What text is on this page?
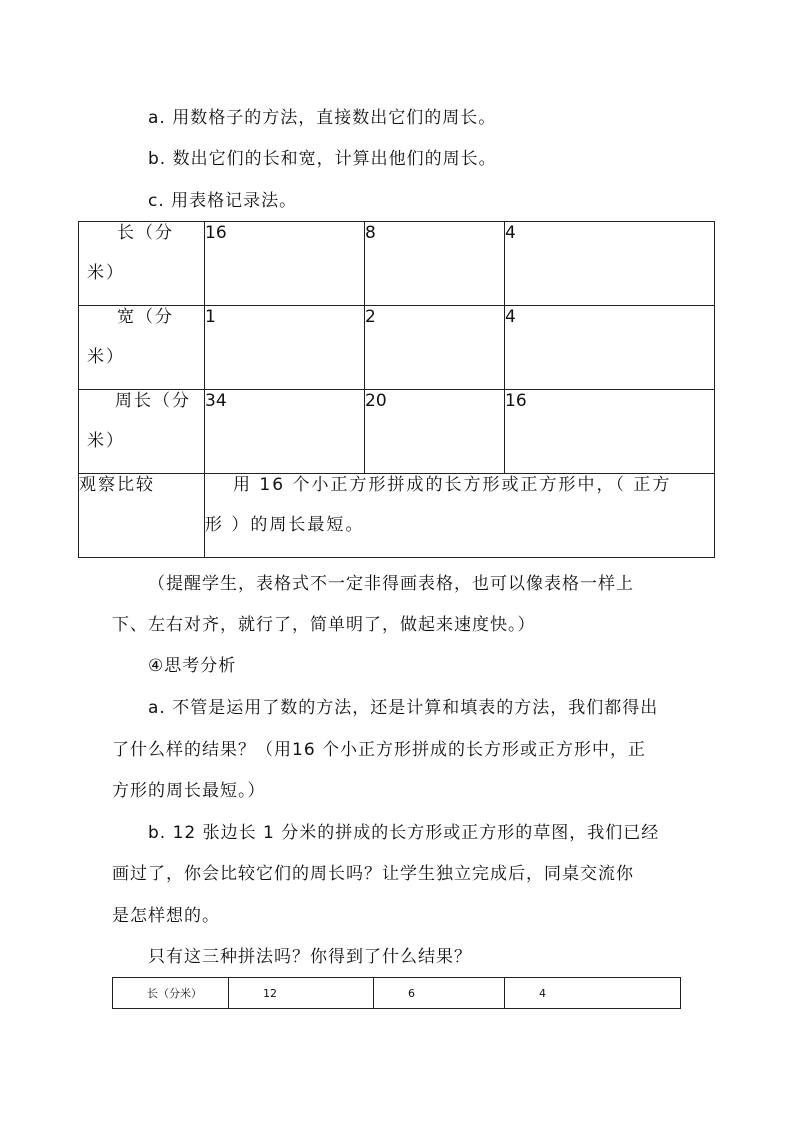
a. 用数格子的方法，直接数出它们的周长。
b. 数出它们的长和宽，计算出他们的周长。
c. 用表格记录法。
长（分
米）	16	8	4

宽（分
米）	1	2	4

周长（分
米）	34	20	16
观察比较	用 16 个小正方形拼成的长方形或正方形中，（ 正方
形 ）的周长最短。		
（提醒学生，表格式不一定非得画表格，也可以像表格一样上
下、左右对齐，就行了，简单明了，做起来速度快。）
④思考分析
a. 不管是运用了数的方法，还是计算和填表的方法，我们都得出
了什么样的结果？（用16 个小正方形拼成的长方形或正方形中，正
方形的周长最短。）
b. 12 张边长 1 分米的拼成的长方形或正方形的草图，我们已经
画过了，你会比较它们的周长吗？让学生独立完成后，同桌交流你
是怎样想的。
只有这三种拼法吗？你得到了什么结果？
长（分米）	12	6	4
